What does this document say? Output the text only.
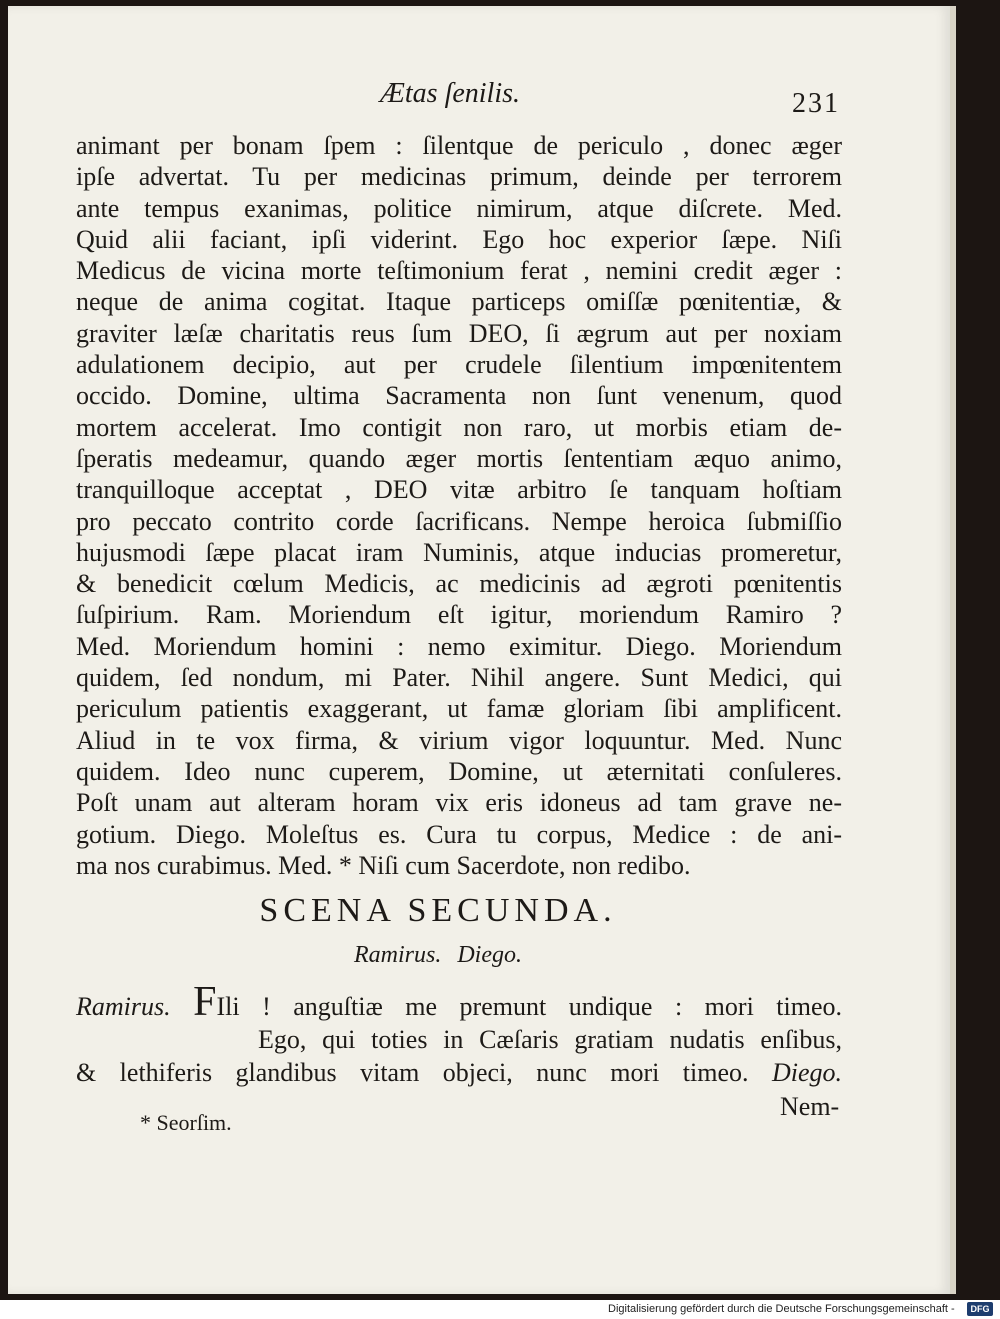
Ætas ſenilis.	231
animant per bonam ſpem : ſilentque de periculo , donec æger
ipſe advertat. Tu per medicinas primum, deinde per terrorem
ante tempus exanimas, politice nimirum, atque diſcrete. Med.
Quid alii faciant, ipſi viderint. Ego hoc experior ſæpe. Niſi
Medicus de vicina morte teſtimonium ferat , nemini credit æger :
neque de anima cogitat. Itaque particeps omiſſæ pœnitentiæ, &
graviter læſæ charitatis reus ſum DEO, ſi ægrum aut per noxiam
adulationem decipio, aut per crudele ſilentium impœnitentem
occido. Domine, ultima Sacramenta non ſunt venenum, quod
mortem accelerat. Imo contigit non raro, ut morbis etiam de-
ſperatis medeamur, quando æger mortis ſententiam æquo animo,
tranquilloque acceptat , DEO vitæ arbitro ſe tanquam hoſtiam
pro peccato contrito corde ſacrificans. Nempe heroica ſubmiſſio
hujusmodi ſæpe placat iram Numinis, atque inducias promeretur,
& benedicit cœlum Medicis, ac medicinis ad ægroti pœnitentis
ſuſpirium. Ram. Moriendum eſt igitur, moriendum Ramiro ?
Med. Moriendum homini : nemo eximitur. Diego. Moriendum
quidem, ſed nondum, mi Pater. Nihil angere. Sunt Medici, qui
periculum patientis exaggerant, ut famæ gloriam ſibi amplificent.
Aliud in te vox firma, & virium vigor loquuntur. Med. Nunc
quidem. Ideo nunc cuperem, Domine, ut æternitati conſuleres.
Poſt unam aut alteram horam vix eris idoneus ad tam grave ne-
gotium. Diego. Moleſtus es. Cura tu corpus, Medice : de ani-
ma nos curabimus. Med. * Niſi cum Sacerdote, non redibo.
SCENA SECUNDA.
Ramirus. Diego.
Ramirus. FIli ! anguſtiæ me premunt undique : mori timeo.
Ego, qui toties in Cæſaris gratiam nudatis enſibus,
& lethiferis glandibus vitam objeci, nunc mori timeo. Diego.
Nem-
* Seorſim.
Digitalisierung gefördert durch die Deutsche Forschungsgemeinschaft -	DFG
